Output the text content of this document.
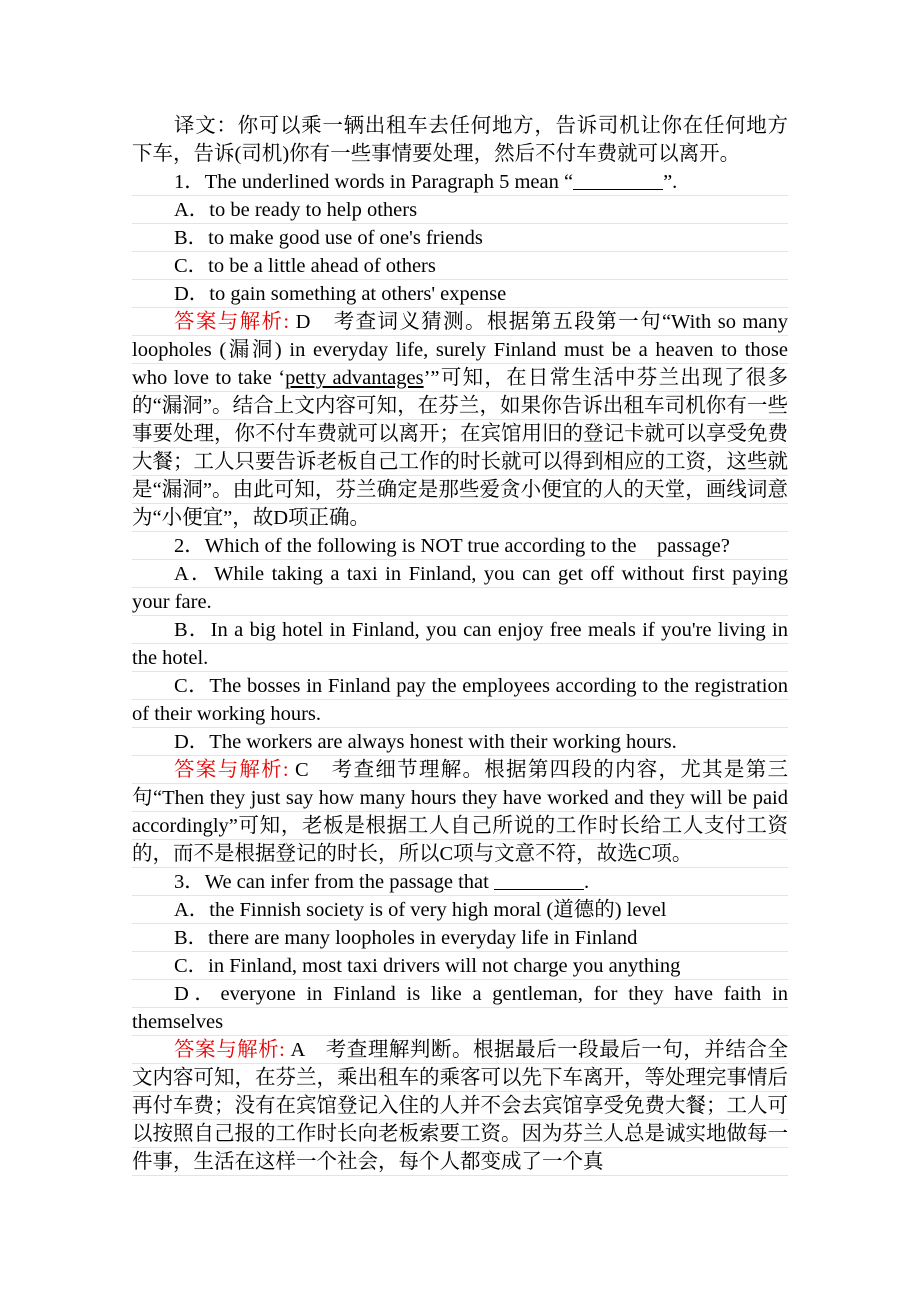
译文：你可以乘一辆出租车去任何地方，告诉司机让你在任何地方下车，告诉(司机)你有一些事情要处理，然后不付车费就可以离开。

1．The underlined words in Paragraph 5 mean “	”.

A．to be ready to help others

B．to make good use of one's friends

C．to be a little ahead of others

D．to gain something at others' expense

答案与解析: D　考查词义猜测。根据第五段第一句“With so many loopholes (漏洞) in everyday life, surely Finland must be a heaven to those who love to take ‘petty advantages’”可知，在日常生活中芬兰出现了很多的“漏洞”。结合上文内容可知，在芬兰，如果你告诉出租车司机你有一些事要处理，你不付车费就可以离开；在宾馆用旧的登记卡就可以享受免费大餐；工人只要告诉老板自己工作的时长就可以得到相应的工资，这些就是“漏洞”。由此可知，芬兰确定是那些爱贪小便宜的人的天堂，画线词意为“小便宜”，故D项正确。

2．Which of the following is NOT true according to the　passage?

A．While taking a taxi in Finland, you can get off without first paying your fare.

B．In a big hotel in Finland, you can enjoy free meals if you're living in the hotel.

C．The bosses in Finland pay the employees according to the registration of their working hours.

D．The workers are always honest with their working hours.

答案与解析: C　考查细节理解。根据第四段的内容，尤其是第三句“Then they just say how many hours they have worked and they will be paid accordingly”可知，老板是根据工人自己所说的工作时长给工人支付工资的，而不是根据登记的时长，所以C项与文意不符，故选C项。

3．We can infer from the passage that	.

A．the Finnish society is of very high moral (道德的) level

B．there are many loopholes in everyday life in Finland

C．in Finland, most taxi drivers will not charge you anything

D．everyone in Finland is like a gentleman, for they have faith in themselves

答案与解析: A　考查理解判断。根据最后一段最后一句，并结合全文内容可知，在芬兰，乘出租车的乘客可以先下车离开，等处理完事情后再付车费；没有在宾馆登记入住的人并不会去宾馆享受免费大餐；工人可以按照自己报的工作时长向老板索要工资。因为芬兰人总是诚实地做每一件事，生活在这样一个社会，每个人都变成了一个真
